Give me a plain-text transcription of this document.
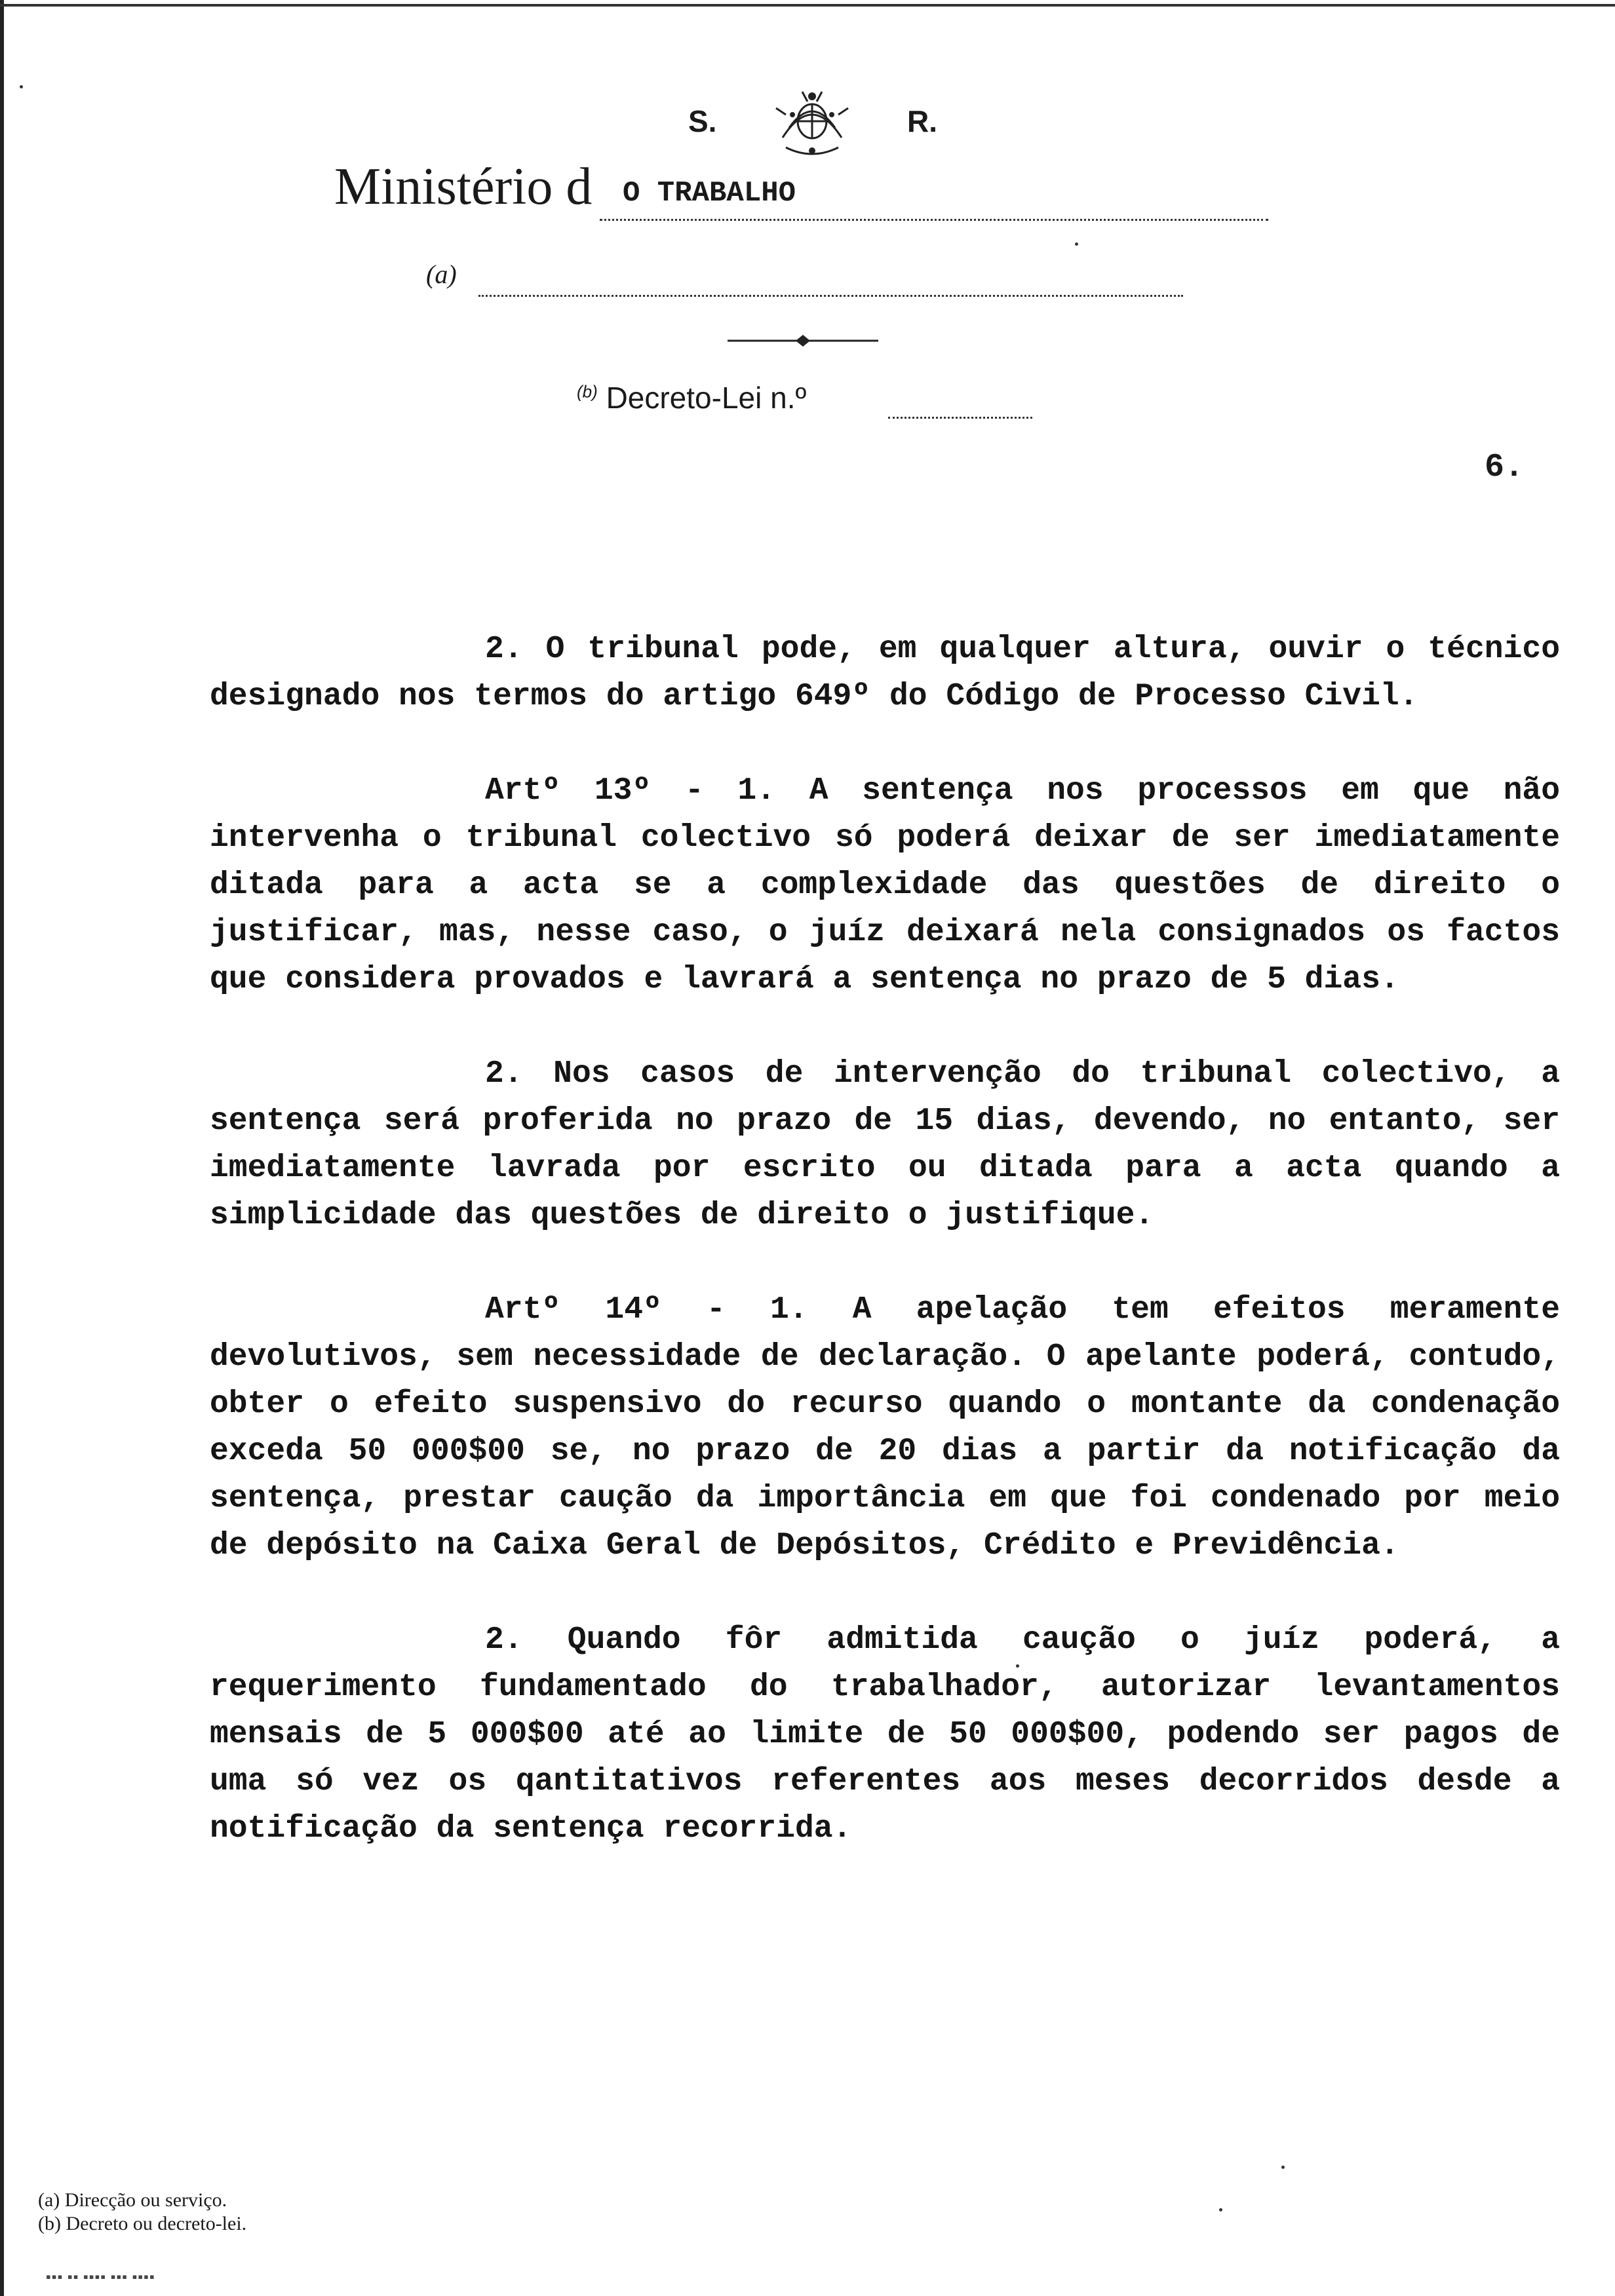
S.	R.
Ministério d O TRABALHO
(a)
$^{(b)}$ Decreto-Lei n.º
6.

2. O tribunal pode, em qualquer altura, ouvir o técnico designado nos termos do artigo 649º do Código de Processo Civil.

Artº 13º - 1. A sentença nos processos em que não intervenha o tribunal colectivo só poderá deixar de ser imediatamente ditada para a acta se a complexidade das questões de direito o justificar, mas, nesse caso, o juíz deixará nela consignados os factos que considera provados e lavrará a sentença no prazo de 5 dias.

2. Nos casos de intervenção do tribunal colectivo, a sentença será proferida no prazo de 15 dias, devendo, no entanto, ser imediatamente lavrada por escrito ou ditada para a acta quando a simplicidade das questões de direito o justifique.

Artº 14º - 1. A apelação tem efeitos meramente devolutivos, sem necessidade de declaração. O apelante poderá, contudo, obter o efeito suspensivo do recurso quando o montante da condenação exceda 50 000$00 se, no prazo de 20 dias a partir da notificação da sentença, prestar caução da importância em que foi condenado por meio de depósito na Caixa Geral de Depósitos, Crédito e Previdência.

2. Quando fôr admitida caução o juíz poderá, a requerimento fundamentado do trabalhador, autorizar levantamentos mensais de 5 000$00 até ao limite de 50 000$00, podendo ser pagos de uma só vez os qantitativos referentes aos meses decorridos desde a notificação da sentença recorrida.

(a) Direcção ou serviço.
(b) Decreto ou decreto-lei.
▪▪▪ ▪▪ ▪▪▪▪ ▪▪▪ ▪▪▪▪
